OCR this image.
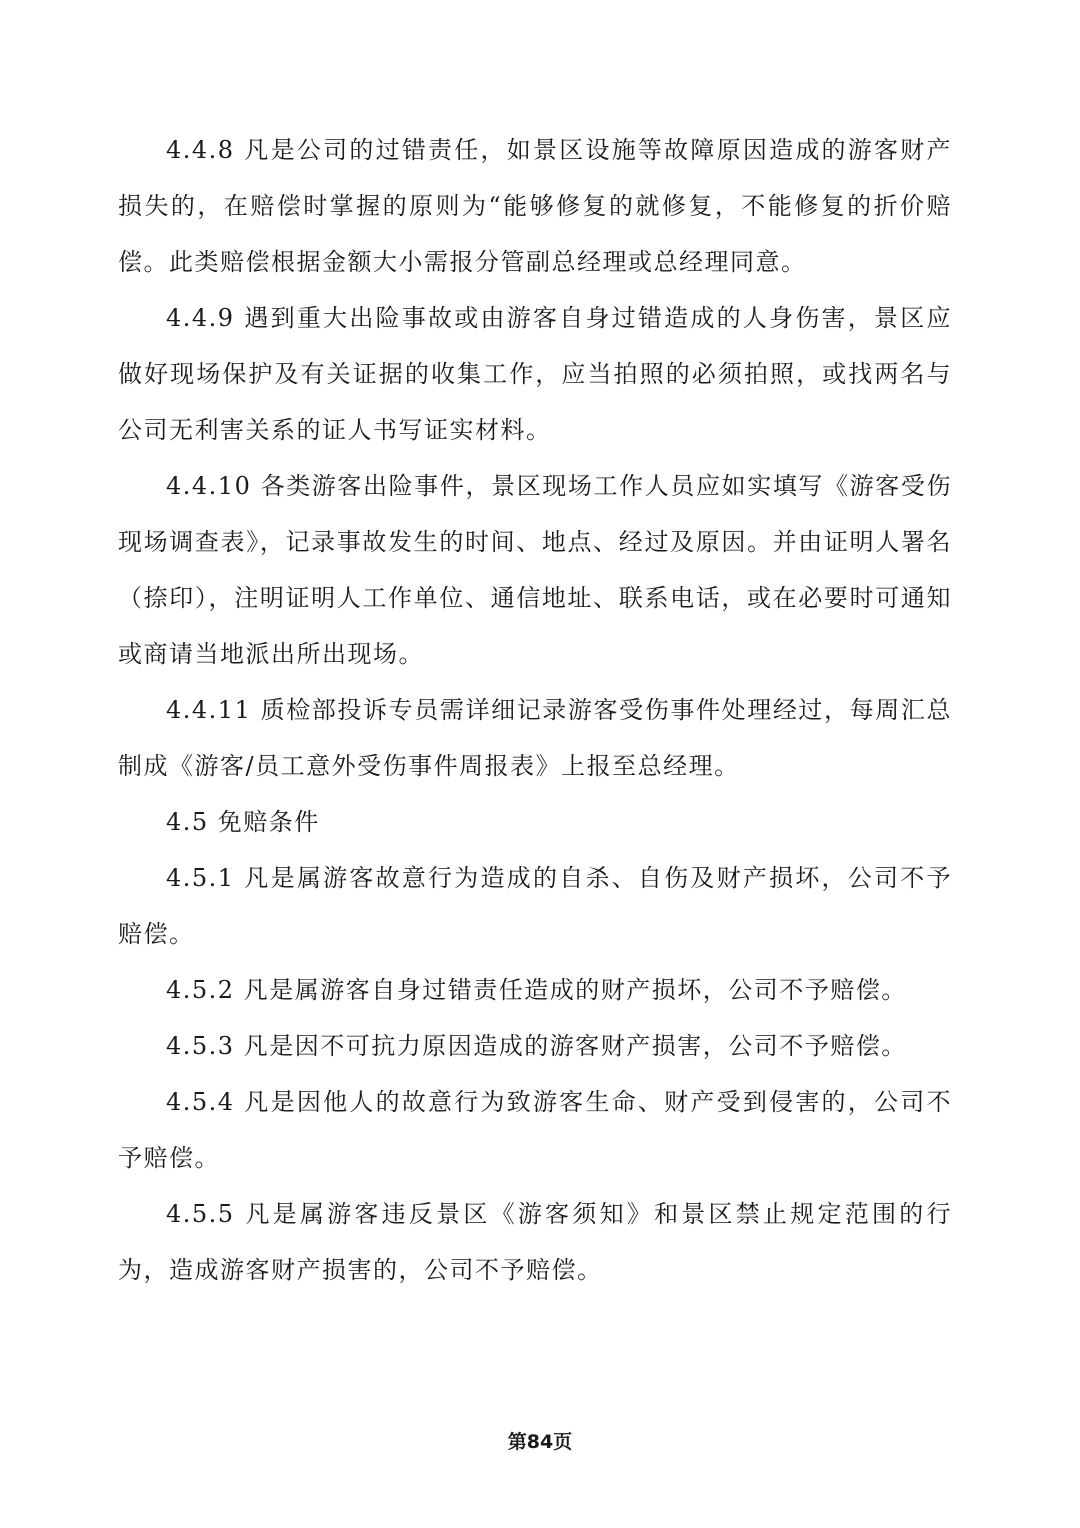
4.4.8 凡是公司的过错责任，如景区设施等故障原因造成的游客财产损失的，在赔偿时掌握的原则为“能够修复的就修复，不能修复的折价赔偿。此类赔偿根据金额大小需报分管副总经理或总经理同意。

4.4.9 遇到重大出险事故或由游客自身过错造成的人身伤害，景区应做好现场保护及有关证据的收集工作，应当拍照的必须拍照，或找两名与公司无利害关系的证人书写证实材料。

4.4.10 各类游客出险事件，景区现场工作人员应如实填写《游客受伤现场调查表》，记录事故发生的时间、地点、经过及原因。并由证明人署名（捺印），注明证明人工作单位、通信地址、联系电话，或在必要时可通知或商请当地派出所出现场。

4.4.11 质检部投诉专员需详细记录游客受伤事件处理经过，每周汇总制成《游客/员工意外受伤事件周报表》上报至总经理。

4.5 免赔条件

4.5.1 凡是属游客故意行为造成的自杀、自伤及财产损坏，公司不予赔偿。

4.5.2 凡是属游客自身过错责任造成的财产损坏，公司不予赔偿。

4.5.3 凡是因不可抗力原因造成的游客财产损害，公司不予赔偿。

4.5.4 凡是因他人的故意行为致游客生命、财产受到侵害的，公司不予赔偿。

4.5.5 凡是属游客违反景区《游客须知》和景区禁止规定范围的行为，造成游客财产损害的，公司不予赔偿。

第84页
